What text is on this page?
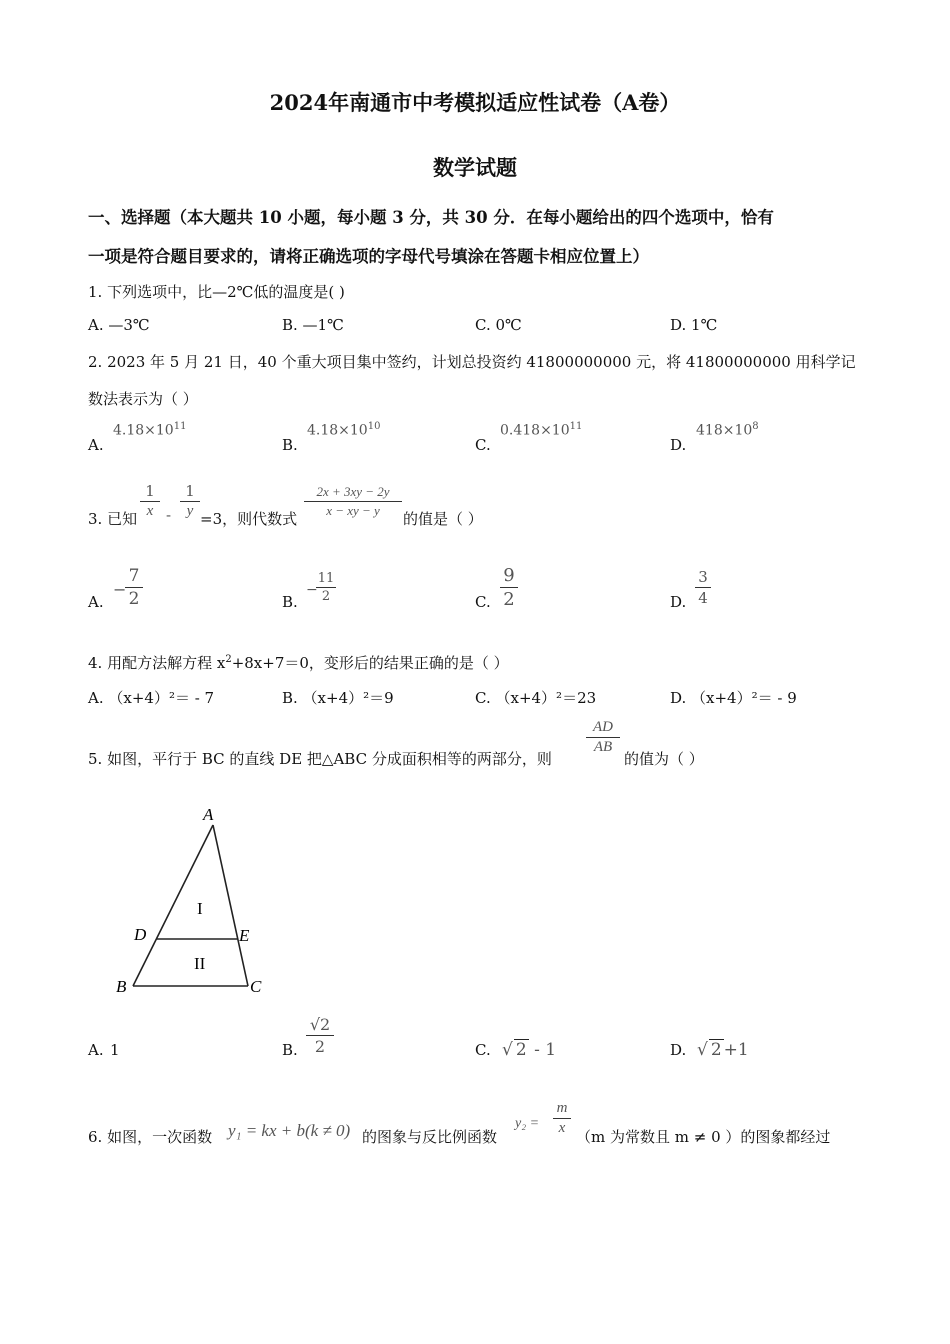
2024年南通市中考模拟适应性试卷（A卷）
数学试题
一、选择题（本大题共 10 小题，每小题 3 分，共 30 分．在每小题给出的四个选项中，恰有
一项是符合题目要求的，请将正确选项的字母代号填涂在答题卡相应位置上）
1. 下列选项中，比—2℃低的温度是( )
A. —3℃	B. —1℃	C. 0℃	D. 1℃
2. 2023 年 5 月 21 日，40 个重大项目集中签约，计划总投资约 41800000000 元，将 41800000000 用科学记
数法表示为（ ）
A.
$4.18\times 10^{11}$
B.
$4.18\times 10^{10}$
C.
$0.418\times 10^{11}$
D.
$418\times 10^8$
3. 已知
1
x -
1
y =3，则代数式
2x + 3xy − 2y
x − xy − y	的值是（ ）
A.
−
7
2	B.
−
11
2	C.
9
2	D.
3
4
4. 用配方法解方程 $x^2+8x+7=0$，变形后的结果正确的是（ ）
A. （x+4）²＝ - 7	B. （x+4）²＝9	C. （x+4）²＝23	D. （x+4）²＝ - 9
5. 如图，平行于 BC 的直线 DE 把△ABC 分成面积相等的两部分，则
AD
AB
的值为（ ）
A
B	C
D	E
I
II
A. 1	B.
√2
2	C. √ 2 - 1	D. √ 2 +1
6. 如图，一次函数 y₁ = kx + b(k ≠ 0) 的图象与反比例函数
y₂ =
m
x （m 为常数且 m ≠ 0 ）的图象都经过
